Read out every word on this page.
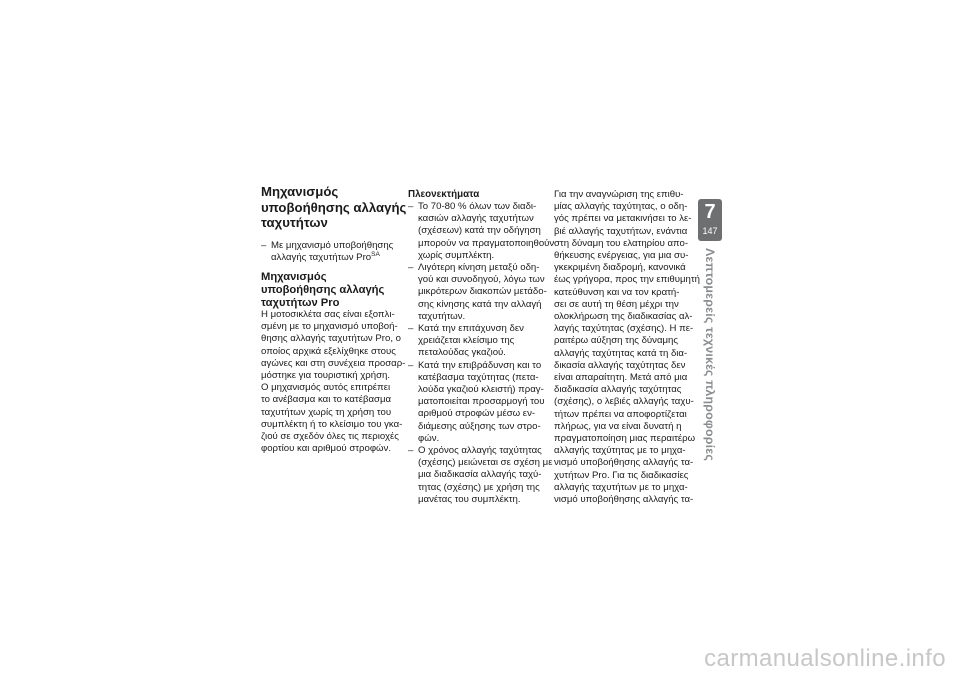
Μηχανισμός
υποβοήθησης αλλαγής
ταχυτήτων
– Με μηχανισμό υποβοήθησης
αλλαγής ταχυτήτων Pro$^{SA}$
Μηχανισμός
υποβοήθησης αλλαγής
ταχυτήτων Pro
Η μοτοσικλέτα σας είναι εξοπλι-
σμένη με το μηχανισμό υποβοή-
θησης αλλαγής ταχυτήτων Pro, ο
οποίος αρχικά εξελίχθηκε στους
αγώνες και στη συνέχεια προσαρ-
μόστηκε για τουριστική χρήση.
Ο μηχανισμός αυτός επιτρέπει
το ανέβασμα και το κατέβασμα
ταχυτήτων χωρίς τη χρήση του
συμπλέκτη ή το κλείσιμο του γκα-
ζιού σε σχεδόν όλες τις περιοχές
φορτίου και αριθμού στροφών.
Πλεονεκτήματα
– Το 70-80 % όλων των διαδι-
κασιών αλλαγής ταχυτήτων
(σχέσεων) κατά την οδήγηση
μπορούν να πραγματοποιηθούν
χωρίς συμπλέκτη.
– Λιγότερη κίνηση μεταξύ οδη-
γού και συνοδηγού, λόγω των
μικρότερων διακοπών μετάδο-
σης κίνησης κατά την αλλαγή
ταχυτήτων.
– Κατά την επιτάχυνση δεν
χρειάζεται κλείσιμο της
πεταλούδας γκαζιού.
– Κατά την επιβράδυνση και το
κατέβασμα ταχύτητας (πετα-
λούδα γκαζιού κλειστή) πραγ-
ματοποιείται προσαρμογή του
αριθμού στροφών μέσω εν-
διάμεσης αύξησης των στρο-
φών.
– Ο χρόνος αλλαγής ταχύτητας
(σχέσης) μειώνεται σε σχέση με
μια διαδικασία αλλαγής ταχύ-
τητας (σχέσης) με χρήση της
μανέτας του συμπλέκτη.
Για την αναγνώριση της επιθυ-
μίας αλλαγής ταχύτητας, ο οδη-
γός πρέπει να μετακινήσει το λε-
βιέ αλλαγής ταχυτήτων, ενάντια
στη δύναμη του ελατηρίου απο-
θήκευσης ενέργειας, για μια συ-
γκεκριμένη διαδρομή, κανονικά
έως γρήγορα, προς την επιθυμητή
κατεύθυνση και να τον κρατή-
σει σε αυτή τη θέση μέχρι την
ολοκλήρωση της διαδικασίας αλ-
λαγής ταχύτητας (σχέσης). Η πε-
ραιτέρω αύξηση της δύναμης
αλλαγής ταχύτητας κατά τη δια-
δικασία αλλαγής ταχύτητας δεν
είναι απαραίτητη. Μετά από μια
διαδικασία αλλαγής ταχύτητας
(σχέσης), ο λεβιές αλλαγής ταχυ-
τήτων πρέπει να αποφορτίζεται
πλήρως, για να είναι δυνατή η
πραγματοποίηση μιας περαιτέρω
αλλαγής ταχύτητας με το μηχα-
νισμό υποβοήθησης αλλαγής τα-
χυτήτων Pro. Για τις διαδικασίες
αλλαγής ταχυτήτων με το μηχα-
νισμό υποβοήθησης αλλαγής τα-
7
147
Λεπτομερείς τεχνικές πληροφορίες
carmanualsonline.info
